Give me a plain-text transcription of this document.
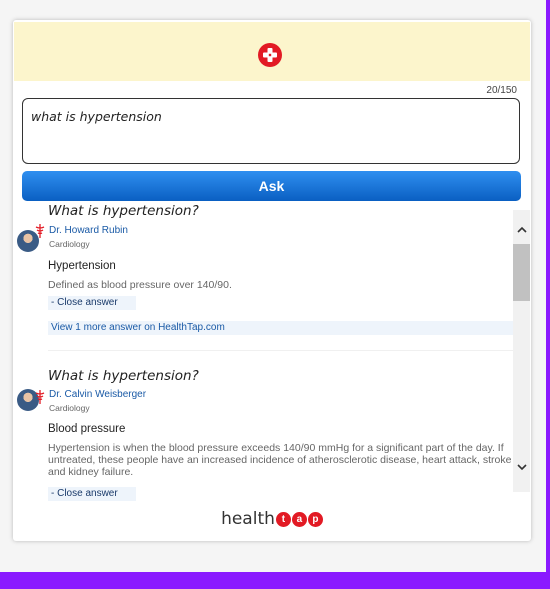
20/150
what is hypertension
Ask
What is hypertension?
Dr. Howard Rubin
Cardiology
Hypertension
Defined as blood pressure over 140/90.
- Close answer
View 1 more answer on HealthTap.com
What is hypertension?
Dr. Calvin Weisberger
Cardiology
Blood pressure
Hypertension is when the blood pressure exceeds 140/90 mmHg for a significant part of the day. If untreated, these people have an increased incidence of atherosclerotic disease, heart attack, stroke and kidney failure.
- Close answer
health t	a	p
